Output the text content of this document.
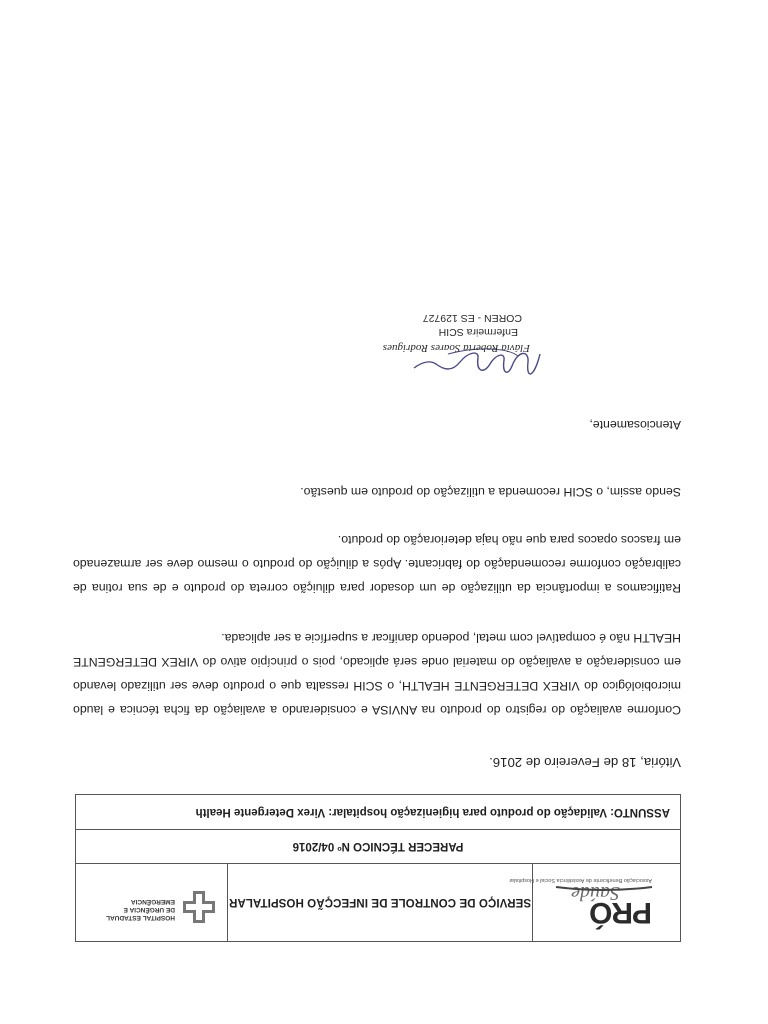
PRÓ
Saúde
Associação Beneficente de Assistência Social e Hospitalar
SERVIÇO DE CONTROLE DE INFECÇÃO HOSPITALAR
HOSPITAL ESTADUAL
DE URGÊNCIA E EMERGÊNCIA
PARECER TÉCNICO Nº 04/2016
ASSUNTO: Validação do produto para higienização hospitalar: Virex Detergente Health
Vitória, 18 de Fevereiro de 2016.
Conforme avaliação do registro do produto na ANVISA e considerando a avaliação da ficha técnica e laudo microbiológico do VIREX DETERGENTE HEALTH, o SCIH ressalta que o produto deve ser utilizado levando em consideração a avaliação do material onde será aplicado, pois o princípio ativo do VIREX DETERGENTE HEALTH não é compatível com metal, podendo danificar a superfície a ser aplicada.
Ratificamos a importância da utilização de um dosador para diluição correta do produto e de sua rotina de calibração conforme recomendação do fabricante. Após a diluição do produto o mesmo deve ser armazenado em frascos opacos para que não haja deterioração do produto.
Sendo assim, o SCIH recomenda a utilização do produto em questão.
Atenciosamente,
Flávia Roberta Soares Rodrigues
Enfermeira SCIH
COREN - ES 129727
